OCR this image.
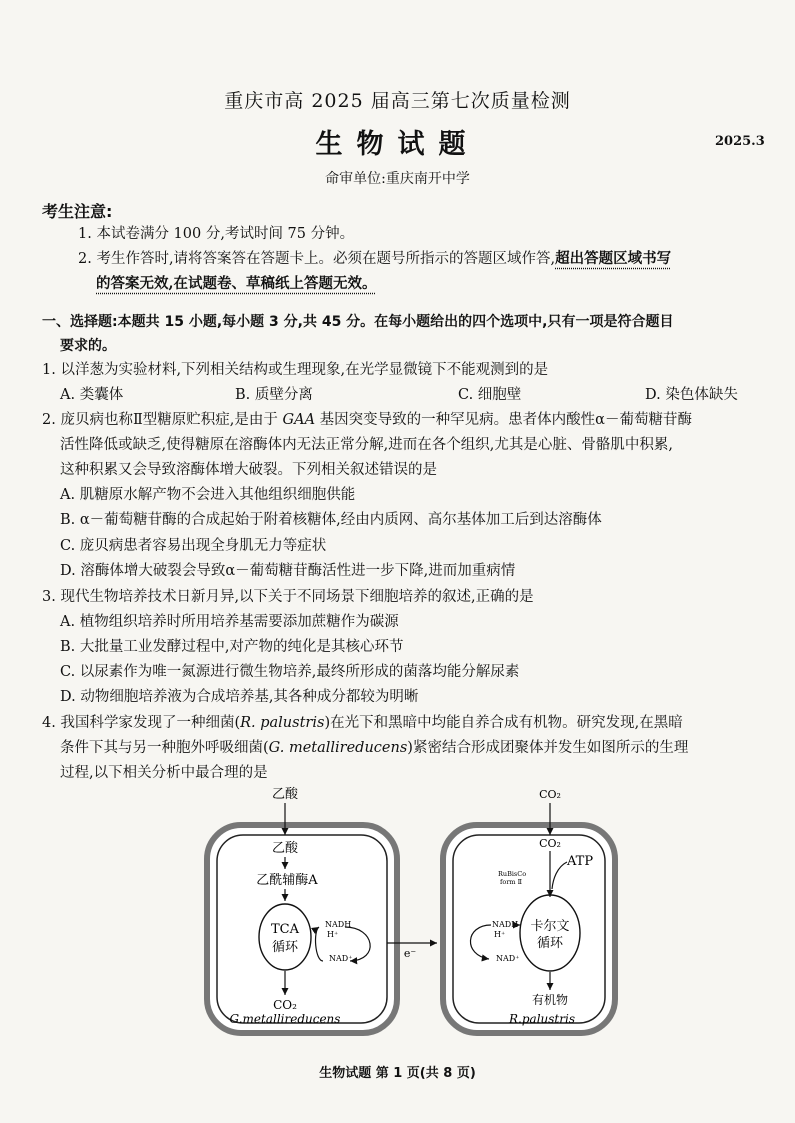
重庆市高 2025 届高三第七次质量检测
生物试题	2025.3
命审单位:重庆南开中学
考生注意:
1. 本试卷满分 100 分,考试时间 75 分钟。
2. 考生作答时,请将答案答在答题卡上。必须在题号所指示的答题区域作答,超出答题区域书写
的答案无效,在试题卷、草稿纸上答题无效。
一、选择题:本题共 15 小题,每小题 3 分,共 45 分。在每小题给出的四个选项中,只有一项是符合题目
要求的。
1. 以洋葱为实验材料,下列相关结构或生理现象,在光学显微镜下不能观测到的是
A. 类囊体	B. 质壁分离	C. 细胞壁	D. 染色体缺失
2. 庞贝病也称Ⅱ型糖原贮积症,是由于 GAA 基因突变导致的一种罕见病。患者体内酸性α－葡萄糖苷酶
活性降低或缺乏,使得糖原在溶酶体内无法正常分解,进而在各个组织,尤其是心脏、骨骼肌中积累,
这种积累又会导致溶酶体增大破裂。下列相关叙述错误的是
A. 肌糖原水解产物不会进入其他组织细胞供能
B. α－葡萄糖苷酶的合成起始于附着核糖体,经由内质网、高尔基体加工后到达溶酶体
C. 庞贝病患者容易出现全身肌无力等症状
D. 溶酶体增大破裂会导致α－葡萄糖苷酶活性进一步下降,进而加重病情
3. 现代生物培养技术日新月异,以下关于不同场景下细胞培养的叙述,正确的是
A. 植物组织培养时所用培养基需要添加蔗糖作为碳源
B. 大批量工业发酵过程中,对产物的纯化是其核心环节
C. 以尿素作为唯一氮源进行微生物培养,最终所形成的菌落均能分解尿素
D. 动物细胞培养液为合成培养基,其各种成分都较为明晰
4. 我国科学家发现了一种细菌(R. palustris)在光下和黑暗中均能自养合成有机物。研究发现,在黑暗
条件下其与另一种胞外呼吸细菌(G. metallireducens)紧密结合形成团聚体并发生如图所示的生理
过程,以下相关分析中最合理的是
乙酸
乙酸
乙酰辅酶A
TCA
循环
NADH
H⁺
NAD⁺
CO₂
G.metallireducens
e⁻
CO₂
CO₂
ATP
RuBisCo
form Ⅱ
卡尔文
循环
NADH
H⁺
NAD⁺
有机物
R.palustris
生物试题 第 1 页(共 8 页)
